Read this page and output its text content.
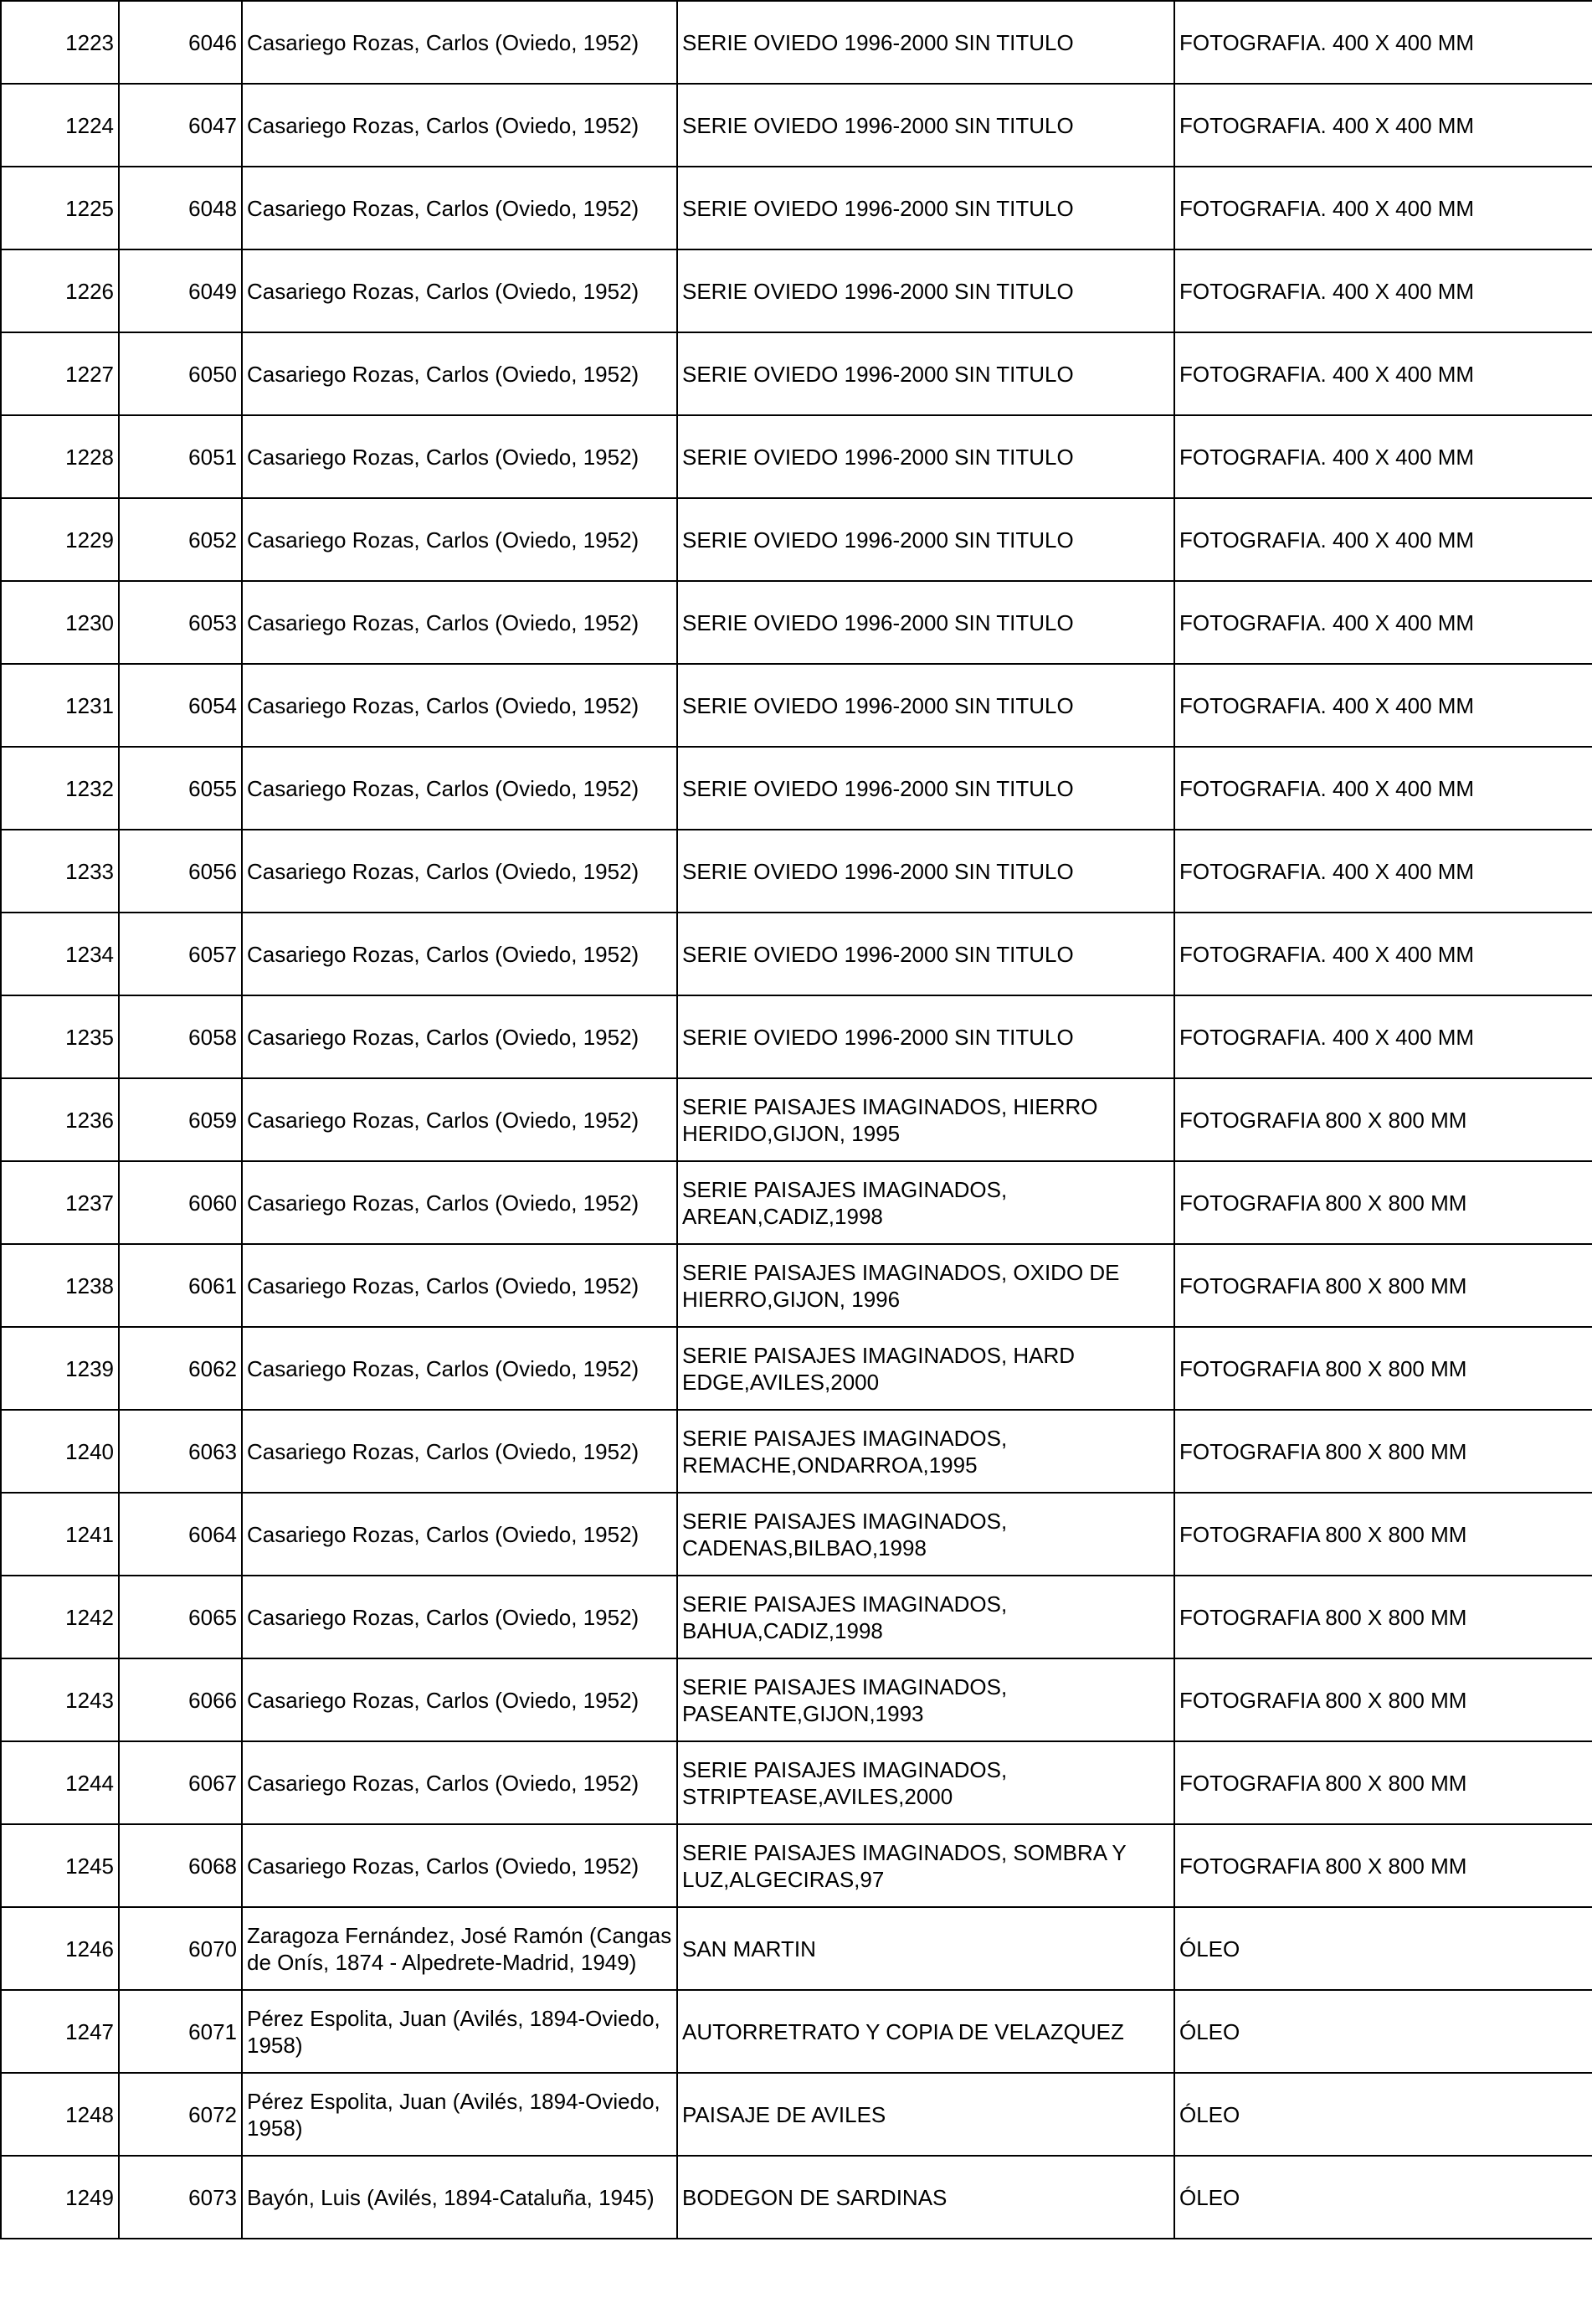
1223	6046	Casariego Rozas, Carlos (Oviedo, 1952)	SERIE OVIEDO 1996-2000 SIN TITULO	FOTOGRAFIA. 400 X 400 MM
1224	6047	Casariego Rozas, Carlos (Oviedo, 1952)	SERIE OVIEDO 1996-2000 SIN TITULO	FOTOGRAFIA. 400 X 400 MM
1225	6048	Casariego Rozas, Carlos (Oviedo, 1952)	SERIE OVIEDO 1996-2000 SIN TITULO	FOTOGRAFIA. 400 X 400 MM
1226	6049	Casariego Rozas, Carlos (Oviedo, 1952)	SERIE OVIEDO 1996-2000 SIN TITULO	FOTOGRAFIA. 400 X 400 MM
1227	6050	Casariego Rozas, Carlos (Oviedo, 1952)	SERIE OVIEDO 1996-2000 SIN TITULO	FOTOGRAFIA. 400 X 400 MM
1228	6051	Casariego Rozas, Carlos (Oviedo, 1952)	SERIE OVIEDO 1996-2000 SIN TITULO	FOTOGRAFIA. 400 X 400 MM
1229	6052	Casariego Rozas, Carlos (Oviedo, 1952)	SERIE OVIEDO 1996-2000 SIN TITULO	FOTOGRAFIA. 400 X 400 MM
1230	6053	Casariego Rozas, Carlos (Oviedo, 1952)	SERIE OVIEDO 1996-2000 SIN TITULO	FOTOGRAFIA. 400 X 400 MM
1231	6054	Casariego Rozas, Carlos (Oviedo, 1952)	SERIE OVIEDO 1996-2000 SIN TITULO	FOTOGRAFIA. 400 X 400 MM
1232	6055	Casariego Rozas, Carlos (Oviedo, 1952)	SERIE OVIEDO 1996-2000 SIN TITULO	FOTOGRAFIA. 400 X 400 MM
1233	6056	Casariego Rozas, Carlos (Oviedo, 1952)	SERIE OVIEDO 1996-2000 SIN TITULO	FOTOGRAFIA. 400 X 400 MM
1234	6057	Casariego Rozas, Carlos (Oviedo, 1952)	SERIE OVIEDO 1996-2000 SIN TITULO	FOTOGRAFIA. 400 X 400 MM
1235	6058	Casariego Rozas, Carlos (Oviedo, 1952)	SERIE OVIEDO 1996-2000 SIN TITULO	FOTOGRAFIA. 400 X 400 MM
1236	6059	Casariego Rozas, Carlos (Oviedo, 1952)	SERIE PAISAJES IMAGINADOS, HIERRO HERIDO,GIJON, 1995	FOTOGRAFIA 800 X 800 MM
1237	6060	Casariego Rozas, Carlos (Oviedo, 1952)	SERIE PAISAJES IMAGINADOS, AREAN,CADIZ,1998	FOTOGRAFIA 800 X 800 MM
1238	6061	Casariego Rozas, Carlos (Oviedo, 1952)	SERIE PAISAJES IMAGINADOS, OXIDO DE HIERRO,GIJON, 1996	FOTOGRAFIA 800 X 800 MM
1239	6062	Casariego Rozas, Carlos (Oviedo, 1952)	SERIE PAISAJES IMAGINADOS, HARD EDGE,AVILES,2000	FOTOGRAFIA 800 X 800 MM
1240	6063	Casariego Rozas, Carlos (Oviedo, 1952)	SERIE PAISAJES IMAGINADOS, REMACHE,ONDARROA,1995	FOTOGRAFIA 800 X 800 MM
1241	6064	Casariego Rozas, Carlos (Oviedo, 1952)	SERIE PAISAJES IMAGINADOS, CADENAS,BILBAO,1998	FOTOGRAFIA 800 X 800 MM
1242	6065	Casariego Rozas, Carlos (Oviedo, 1952)	SERIE PAISAJES IMAGINADOS, BAHUA,CADIZ,1998	FOTOGRAFIA 800 X 800 MM
1243	6066	Casariego Rozas, Carlos (Oviedo, 1952)	SERIE PAISAJES IMAGINADOS, PASEANTE,GIJON,1993	FOTOGRAFIA 800 X 800 MM
1244	6067	Casariego Rozas, Carlos (Oviedo, 1952)	SERIE PAISAJES IMAGINADOS, STRIPTEASE,AVILES,2000	FOTOGRAFIA 800 X 800 MM
1245	6068	Casariego Rozas, Carlos (Oviedo, 1952)	SERIE PAISAJES IMAGINADOS, SOMBRA Y LUZ,ALGECIRAS,97	FOTOGRAFIA 800 X 800 MM
1246	6070	Zaragoza Fernández, José Ramón (Cangas de Onís, 1874 - Alpedrete-Madrid, 1949)	SAN MARTIN	ÓLEO
1247	6071	Pérez Espolita, Juan (Avilés, 1894-Oviedo, 1958)	AUTORRETRATO Y COPIA DE VELAZQUEZ	ÓLEO
1248	6072	Pérez Espolita, Juan (Avilés, 1894-Oviedo, 1958)	PAISAJE DE AVILES	ÓLEO
1249	6073	Bayón, Luis (Avilés, 1894-Cataluña, 1945)	BODEGON DE SARDINAS	ÓLEO
